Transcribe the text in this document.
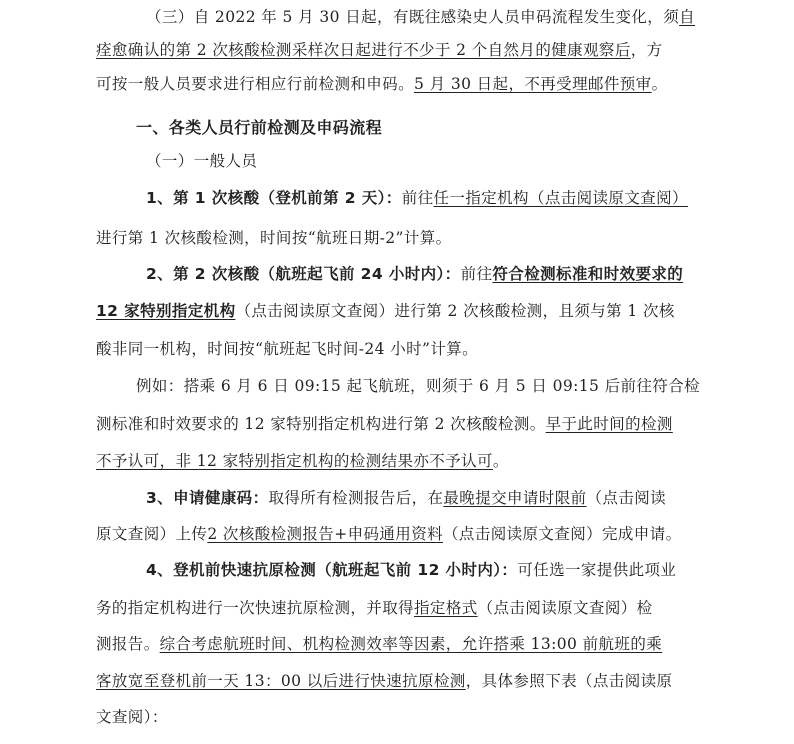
（三）自 2022 年 5 月 30 日起，有既往感染史人员申码流程发生变化，须自
痊愈确认的第 2 次核酸检测采样次日起进行不少于 2 个自然月的健康观察后，方
可按一般人员要求进行相应行前检测和申码。5 月 30 日起，不再受理邮件预审。
一、各类人员行前检测及申码流程
（一）一般人员
1、第 1 次核酸（登机前第 2 天）：前往任一指定机构（点击阅读原文查阅）
进行第 1 次核酸检测，时间按“航班日期-2”计算。
2、第 2 次核酸（航班起飞前 24 小时内）：前往符合检测标准和时效要求的
12 家特别指定机构（点击阅读原文查阅）进行第 2 次核酸检测，且须与第 1 次核
酸非同一机构，时间按“航班起飞时间-24 小时”计算。
例如：搭乘 6 月 6 日 09:15 起飞航班，则须于 6 月 5 日 09:15 后前往符合检
测标准和时效要求的 12 家特别指定机构进行第 2 次核酸检测。早于此时间的检测
不予认可，非 12 家特别指定机构的检测结果亦不予认可。
3、申请健康码：取得所有检测报告后，在最晚提交申请时限前（点击阅读
原文查阅）上传2 次核酸检测报告+申码通用资料（点击阅读原文查阅）完成申请。
4、登机前快速抗原检测（航班起飞前 12 小时内）：可任选一家提供此项业
务的指定机构进行一次快速抗原检测，并取得指定格式（点击阅读原文查阅）检
测报告。综合考虑航班时间、机构检测效率等因素，允许搭乘 13:00 前航班的乘
客放宽至登机前一天 13：00 以后进行快速抗原检测，具体参照下表（点击阅读原
文查阅）：
